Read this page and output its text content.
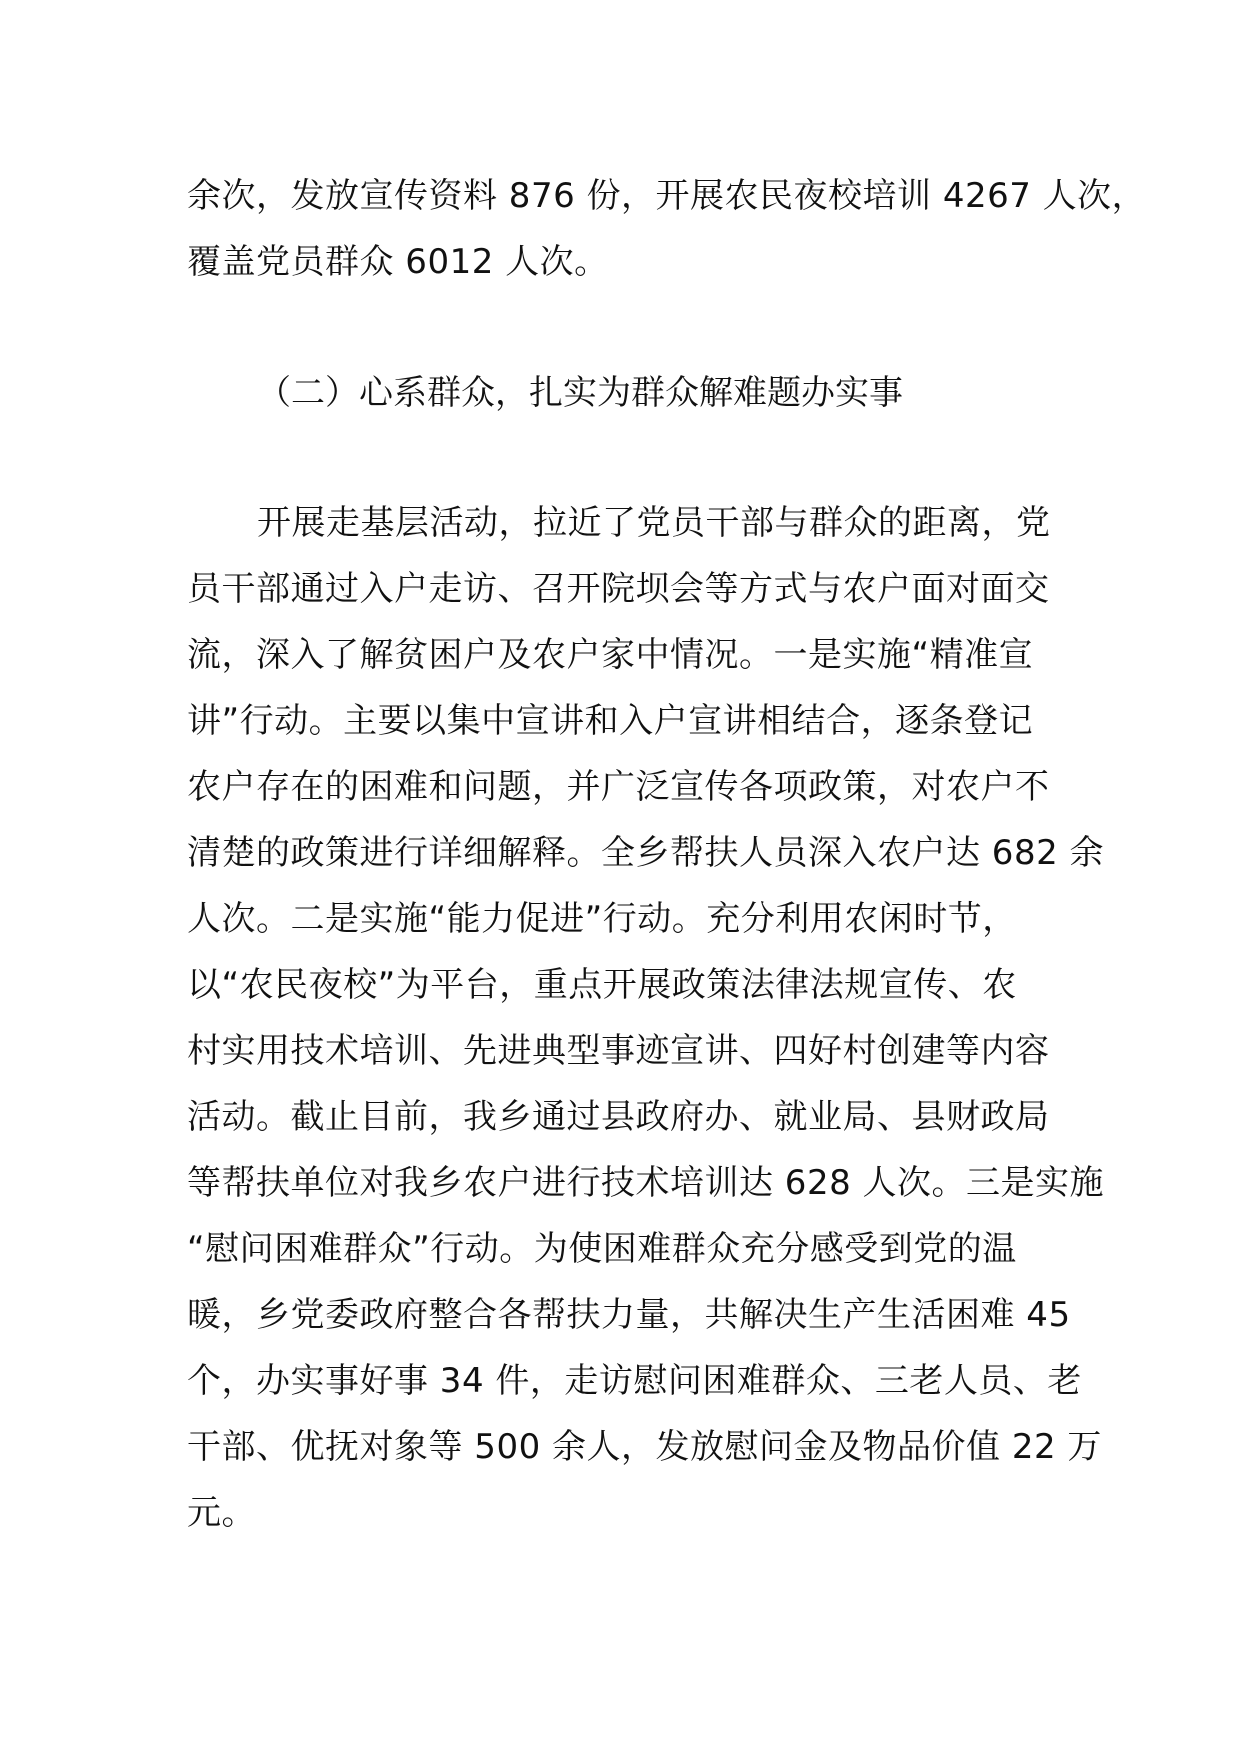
余次，发放宣传资料 876 份，开展农民夜校培训 4267 人次，
覆盖党员群众 6012 人次。
（二）心系群众，扎实为群众解难题办实事
开展走基层活动，拉近了党员干部与群众的距离，党
员干部通过入户走访、召开院坝会等方式与农户面对面交
流，深入了解贫困户及农户家中情况。一是实施“精准宣
讲”行动。主要以集中宣讲和入户宣讲相结合，逐条登记
农户存在的困难和问题，并广泛宣传各项政策，对农户不
清楚的政策进行详细解释。全乡帮扶人员深入农户达 682 余
人次。二是实施“能力促进”行动。充分利用农闲时节，
以“农民夜校”为平台，重点开展政策法律法规宣传、农
村实用技术培训、先进典型事迹宣讲、四好村创建等内容
活动。截止目前，我乡通过县政府办、就业局、县财政局
等帮扶单位对我乡农户进行技术培训达 628 人次。三是实施
“慰问困难群众”行动。为使困难群众充分感受到党的温
暖，乡党委政府整合各帮扶力量，共解决生产生活困难 45
个，办实事好事 34 件，走访慰问困难群众、三老人员、老
干部、优抚对象等 500 余人，发放慰问金及物品价值 22 万
元。
